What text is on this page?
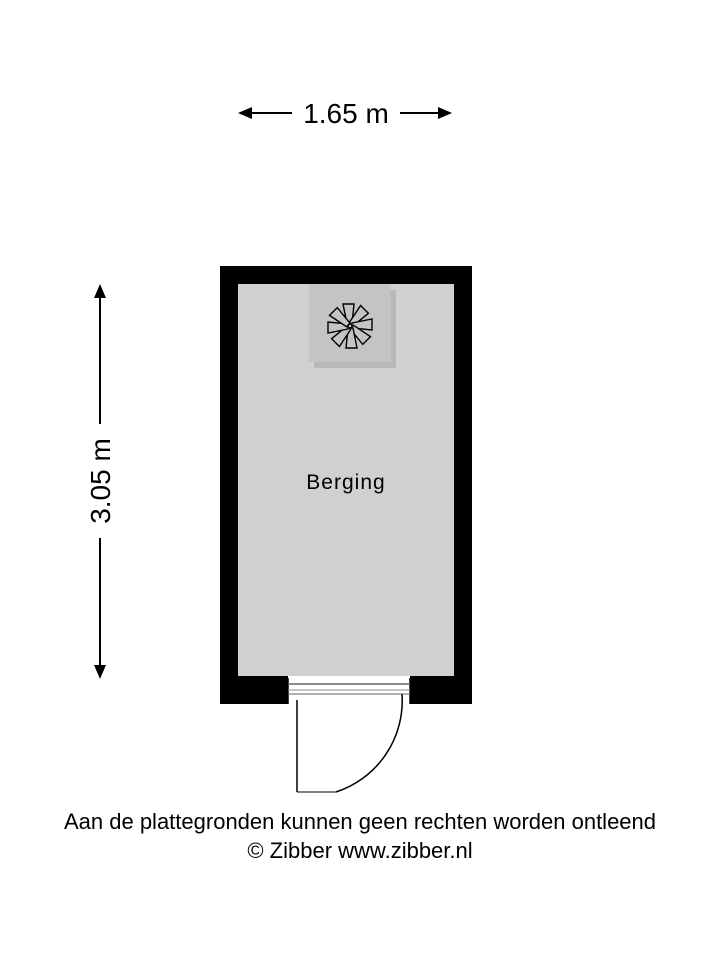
1.65 m
3.05 m	Berging
Aan de plattegronden kunnen geen rechten worden ontleend
© Zibber www.zibber.nl
